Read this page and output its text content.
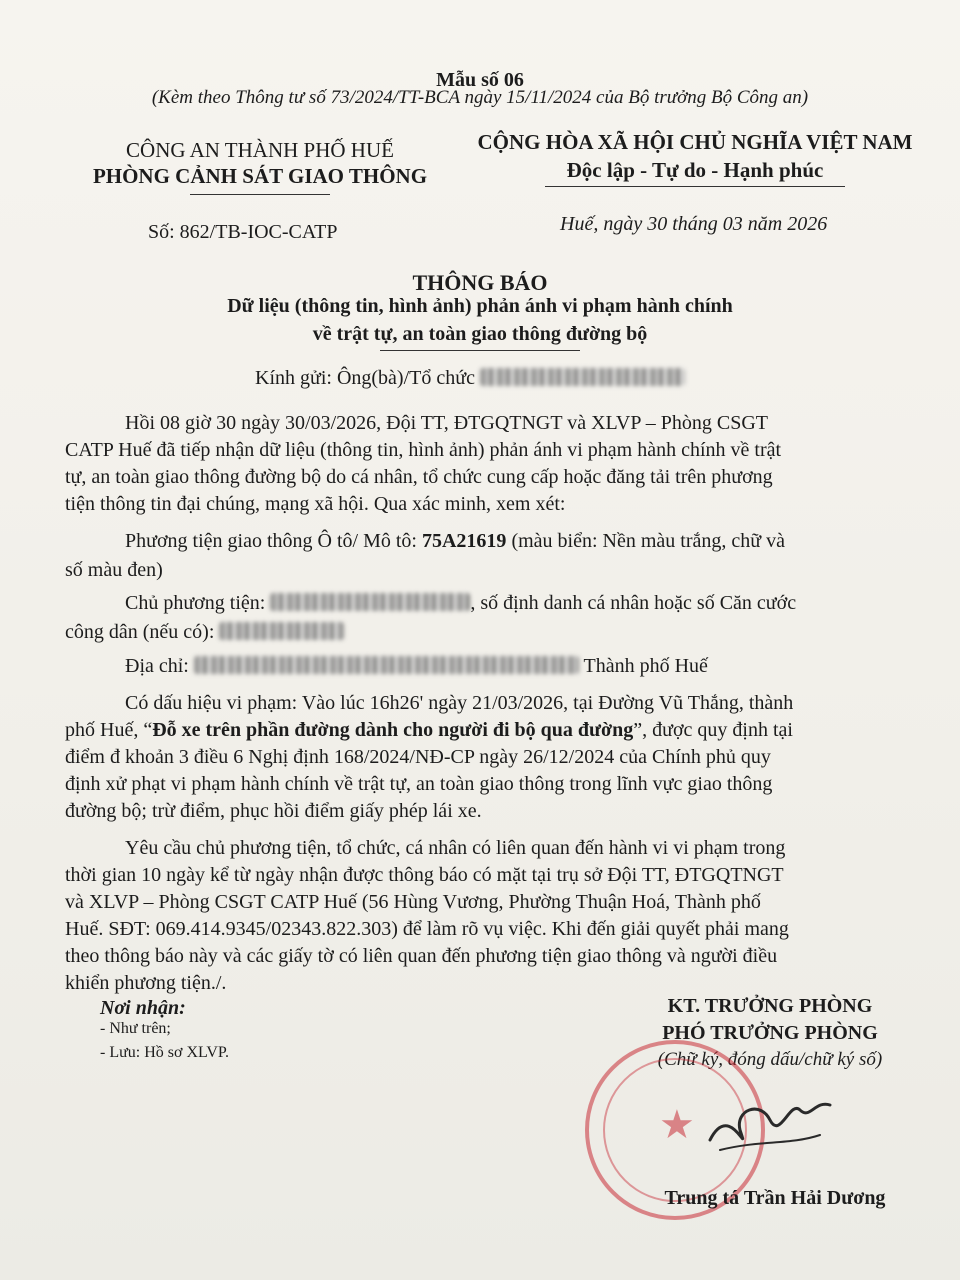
Mẫu số 06
(Kèm theo Thông tư số 73/2024/TT-BCA ngày 15/11/2024 của Bộ trưởng Bộ Công an)
CÔNG AN THÀNH PHỐ HUẾ
PHÒNG CẢNH SÁT GIAO THÔNG
CỘNG HÒA XÃ HỘI CHỦ NGHĨA VIỆT NAM
Độc lập - Tự do - Hạnh phúc
Số: 862/TB-IOC-CATP	Huế, ngày 30 tháng 03 năm 2026
THÔNG BÁO
Dữ liệu (thông tin, hình ảnh) phản ánh vi phạm hành chính
về trật tự, an toàn giao thông đường bộ
Kính gửi: Ông(bà)/Tổ chức
Hồi 08 giờ 30 ngày 30/03/2026, Đội TT, ĐTGQTNGT và XLVP – Phòng CSGT
CATP Huế đã tiếp nhận dữ liệu (thông tin, hình ảnh) phản ánh vi phạm hành chính về trật
tự, an toàn giao thông đường bộ do cá nhân, tổ chức cung cấp hoặc đăng tải trên phương
tiện thông tin đại chúng, mạng xã hội. Qua xác minh, xem xét:
Phương tiện giao thông Ô tô/ Mô tô: 75A21619 (màu biển: Nền màu trắng, chữ và
số màu đen)
Chủ phương tiện:	, số định danh cá nhân hoặc số Căn cước
công dân (nếu có):
Địa chỉ:	Thành phố Huế
Có dấu hiệu vi phạm: Vào lúc 16h26' ngày 21/03/2026, tại Đường Vũ Thắng, thành
phố Huế, “Đỗ xe trên phần đường dành cho người đi bộ qua đường”, được quy định tại
điểm đ khoản 3 điều 6 Nghị định 168/2024/NĐ-CP ngày 26/12/2024 của Chính phủ quy
định xử phạt vi phạm hành chính về trật tự, an toàn giao thông trong lĩnh vực giao thông
đường bộ; trừ điểm, phục hồi điểm giấy phép lái xe.
Yêu cầu chủ phương tiện, tổ chức, cá nhân có liên quan đến hành vi vi phạm trong
thời gian 10 ngày kể từ ngày nhận được thông báo có mặt tại trụ sở Đội TT, ĐTGQTNGT
và XLVP – Phòng CSGT CATP Huế (56 Hùng Vương, Phường Thuận Hoá, Thành phố
Huế. SĐT: 069.414.9345/02343.822.303) để làm rõ vụ việc. Khi đến giải quyết phải mang
theo thông báo này và các giấy tờ có liên quan đến phương tiện giao thông và người điều
khiển phương tiện./.
Nơi nhận:
- Như trên;
- Lưu: Hồ sơ XLVP.
KT. TRƯỞNG PHÒNG
PHÓ TRƯỞNG PHÒNG
(Chữ ký, đóng dấu/chữ ký số)
★
Trung tá Trần Hải Dương
